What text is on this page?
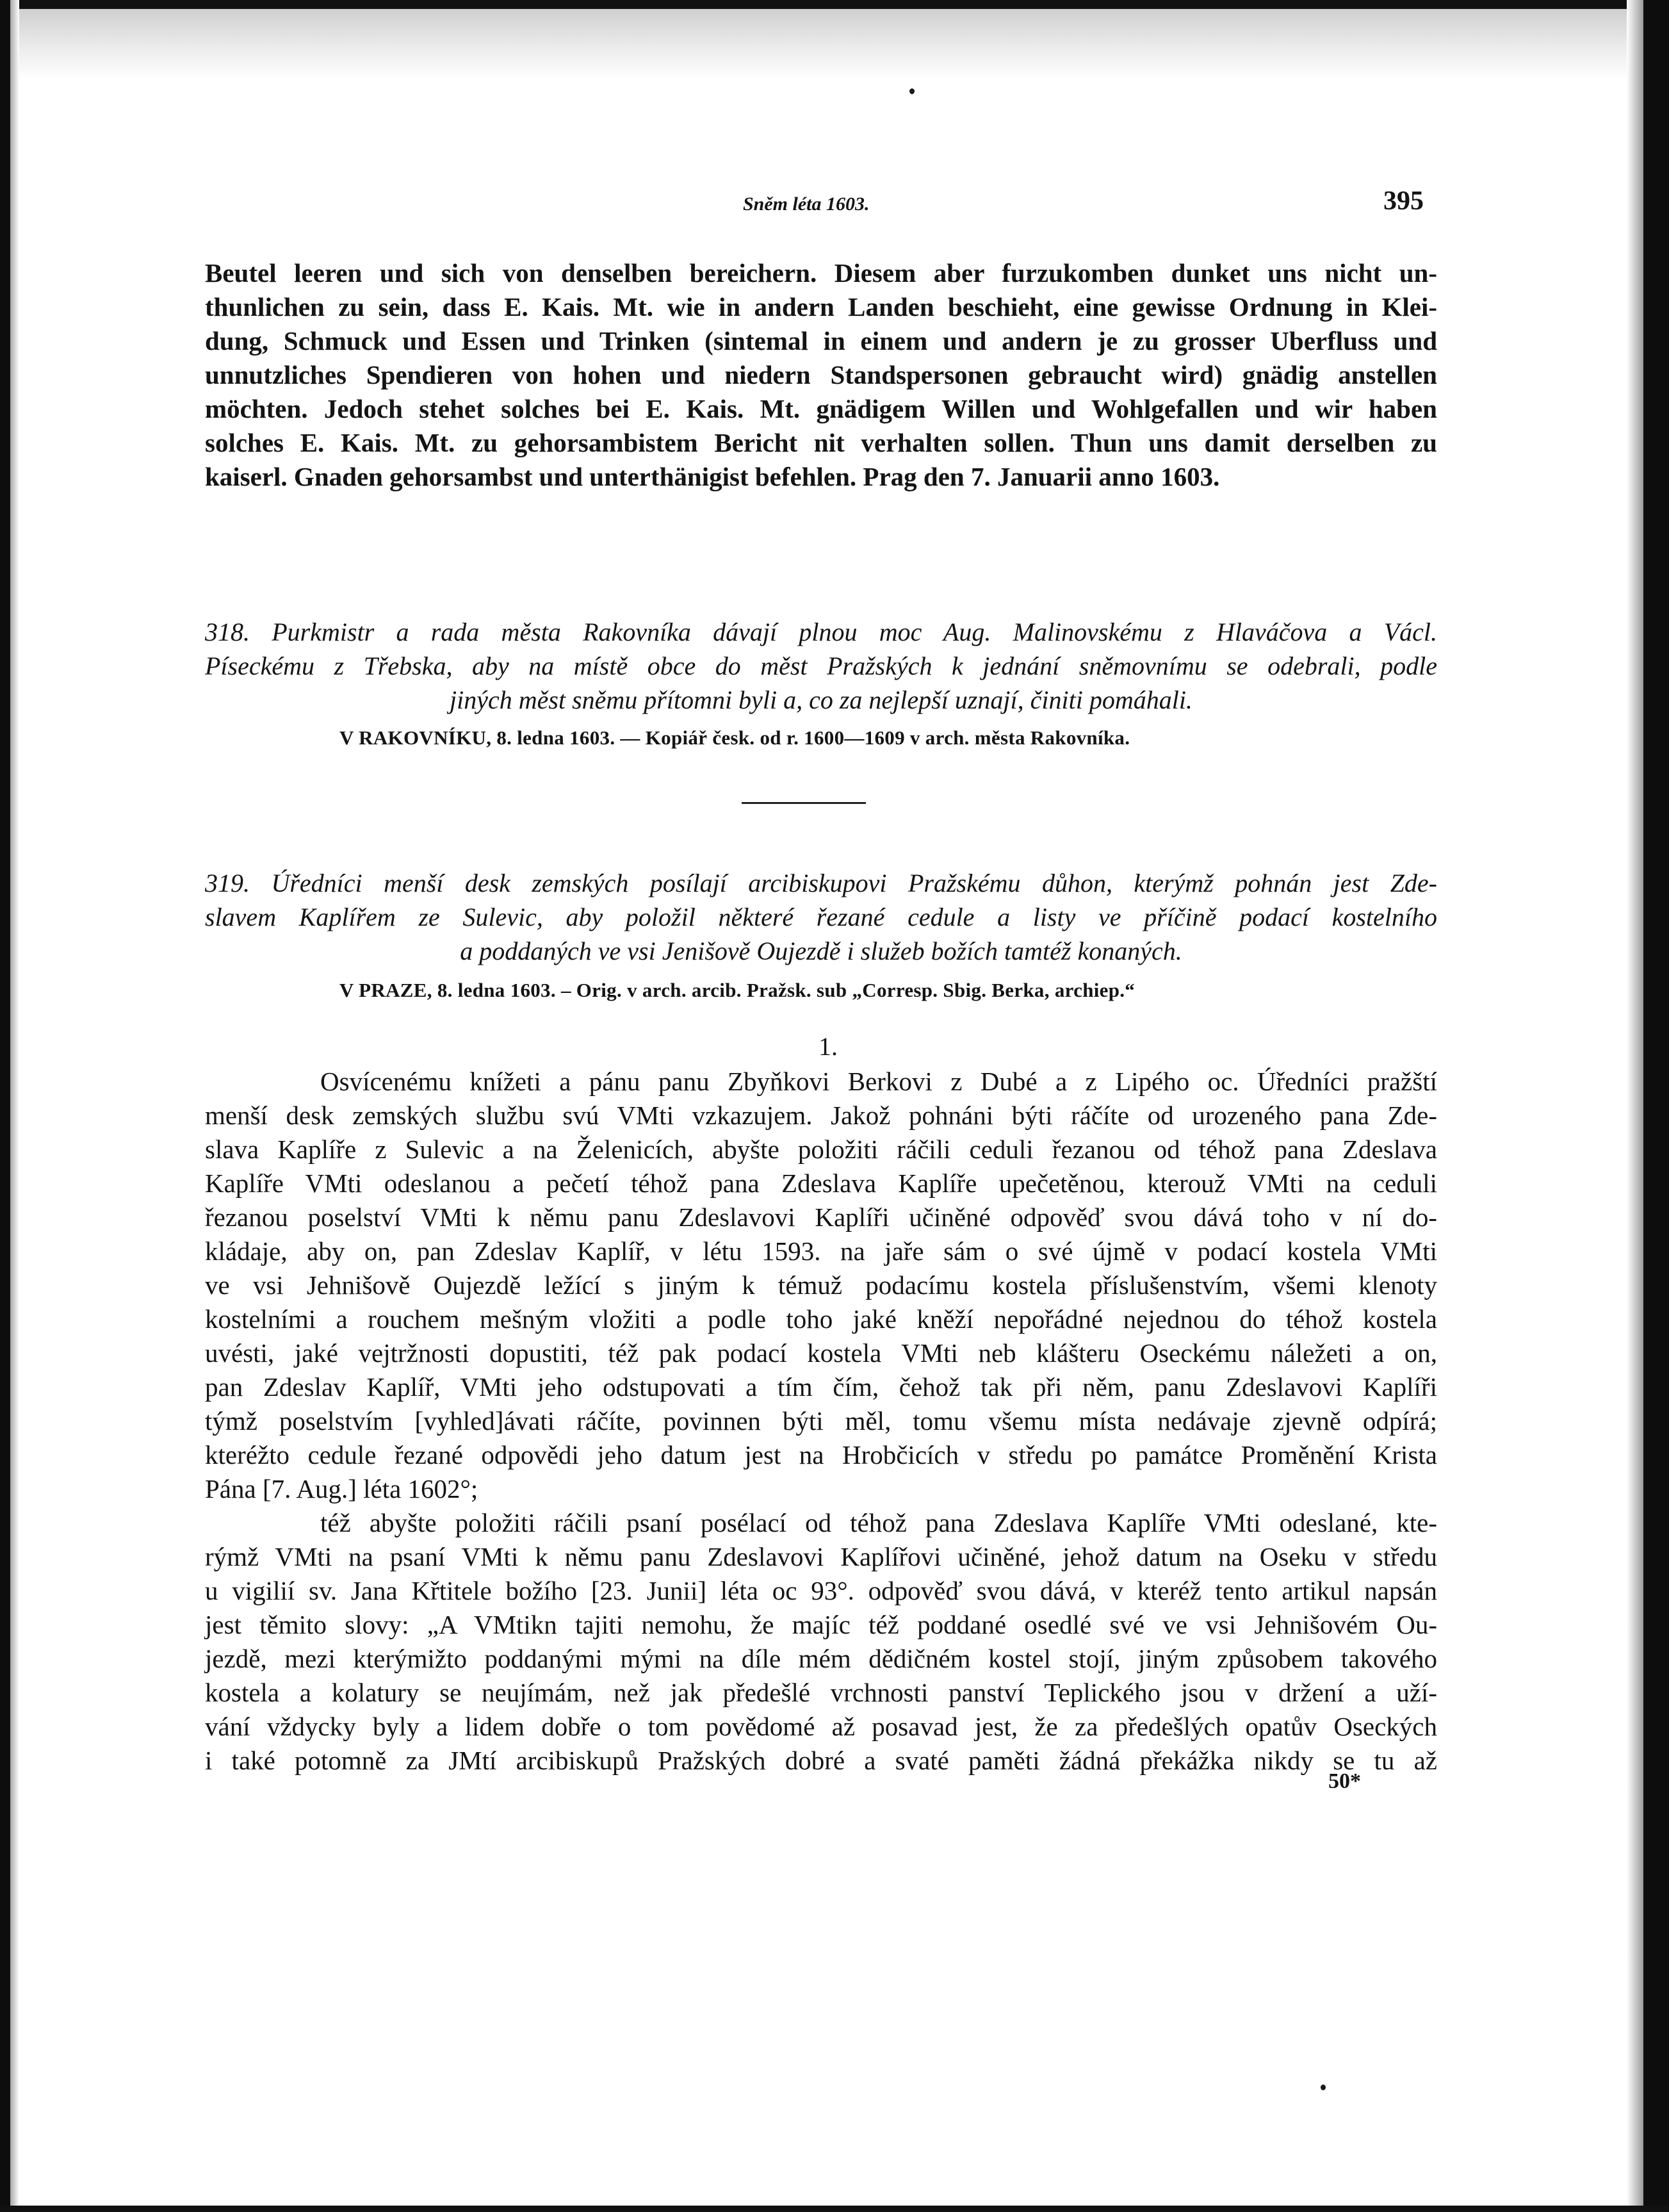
Sněm léta 1603.	395
Beutel leeren und sich von denselben bereichern. Diesem aber furzukomben dunket uns nicht un-
thunlichen zu sein, dass E. Kais. Mt. wie in andern Landen beschieht, eine gewisse Ordnung in Klei-
dung, Schmuck und Essen und Trinken (sintemal in einem und andern je zu grosser Uberfluss und
unnutzliches Spendieren von hohen und niedern Standspersonen gebraucht wird) gnädig anstellen
möchten. Jedoch stehet solches bei E. Kais. Mt. gnädigem Willen und Wohlgefallen und wir haben
solches E. Kais. Mt. zu gehorsambistem Bericht nit verhalten sollen. Thun uns damit derselben zu
kaiserl. Gnaden gehorsambst und unterthänigist befehlen. Prag den 7. Januarii anno 1603.
318. Purkmistr a rada města Rakovníka dávají plnou moc Aug. Malinovskému z Hlaváčova a Václ.
Píseckému z Třebska, aby na místě obce do měst Pražských k jednání sněmovnímu se odebrali, podle
jiných měst sněmu přítomni byli a, co za nejlepší uznají, činiti pomáhali.
V RAKOVNÍKU, 8. ledna 1603. — Kopiář česk. od r. 1600—1609 v arch. města Rakovníka.
319. Úředníci menší desk zemských posílají arcibiskupovi Pražskému důhon, kterýmž pohnán jest Zde-
slavem Kaplířem ze Sulevic, aby položil některé řezané cedule a listy ve příčině podací kostelního
a poddaných ve vsi Jenišově Oujezdě i služeb božích tamtéž konaných.
V PRAZE, 8. ledna 1603. – Orig. v arch. arcib. Pražsk. sub „Corresp. Sbig. Berka, archiep.“
1.
Osvícenému knížeti a pánu panu Zbyňkovi Berkovi z Dubé a z Lipého oc. Úředníci pražští
menší desk zemských službu svú VMti vzkazujem. Jakož pohnáni býti ráčíte od urozeného pana Zde-
slava Kaplíře z Sulevic a na Želenicích, abyšte položiti ráčili ceduli řezanou od téhož pana Zdeslava
Kaplíře VMti odeslanou a pečetí téhož pana Zdeslava Kaplíře upečetěnou, kterouž VMti na ceduli
řezanou poselství VMti k němu panu Zdeslavovi Kaplíři učiněné odpověď svou dává toho v ní do-
kládaje, aby on, pan Zdeslav Kaplíř, v létu 1593. na jaře sám o své újmě v podací kostela VMti
ve vsi Jehnišově Oujezdě ležící s jiným k témuž podacímu kostela příslušenstvím, všemi klenoty
kostelními a rouchem mešným vložiti a podle toho jaké kněží nepořádné nejednou do téhož kostela
uvésti, jaké vejtržnosti dopustiti, též pak podací kostela VMti neb klášteru Oseckému náležeti a on,
pan Zdeslav Kaplíř, VMti jeho odstupovati a tím čím, čehož tak při něm, panu Zdeslavovi Kaplíři
týmž poselstvím [vyhled]ávati ráčíte, povinnen býti měl, tomu všemu místa nedávaje zjevně odpírá;
kteréžto cedule řezané odpovědi jeho datum jest na Hrobčicích v středu po památce Proměnění Krista
Pána [7. Aug.] léta 1602°;
též abyšte položiti ráčili psaní posélací od téhož pana Zdeslava Kaplíře VMti odeslané, kte-
rýmž VMti na psaní VMti k němu panu Zdeslavovi Kaplířovi učiněné, jehož datum na Oseku v středu
u vigilií sv. Jana Křtitele božího [23. Junii] léta oc 93°. odpověď svou dává, v kteréž tento artikul napsán
jest těmito slovy: „A VMtikn tajiti nemohu, že majíc též poddané osedlé své ve vsi Jehnišovém Ou-
jezdě, mezi kterýmižto poddanými mými na díle mém dědičném kostel stojí, jiným způsobem takového
kostela a kolatury se neujímám, než jak předešlé vrchnosti panství Teplického jsou v držení a uží-
vání vždycky byly a lidem dobře o tom povědomé až posavad jest, že za předešlých opatův Oseckých
i také potomně za JMtí arcibiskupů Pražských dobré a svaté paměti žádná překážka nikdy se tu až
50*
